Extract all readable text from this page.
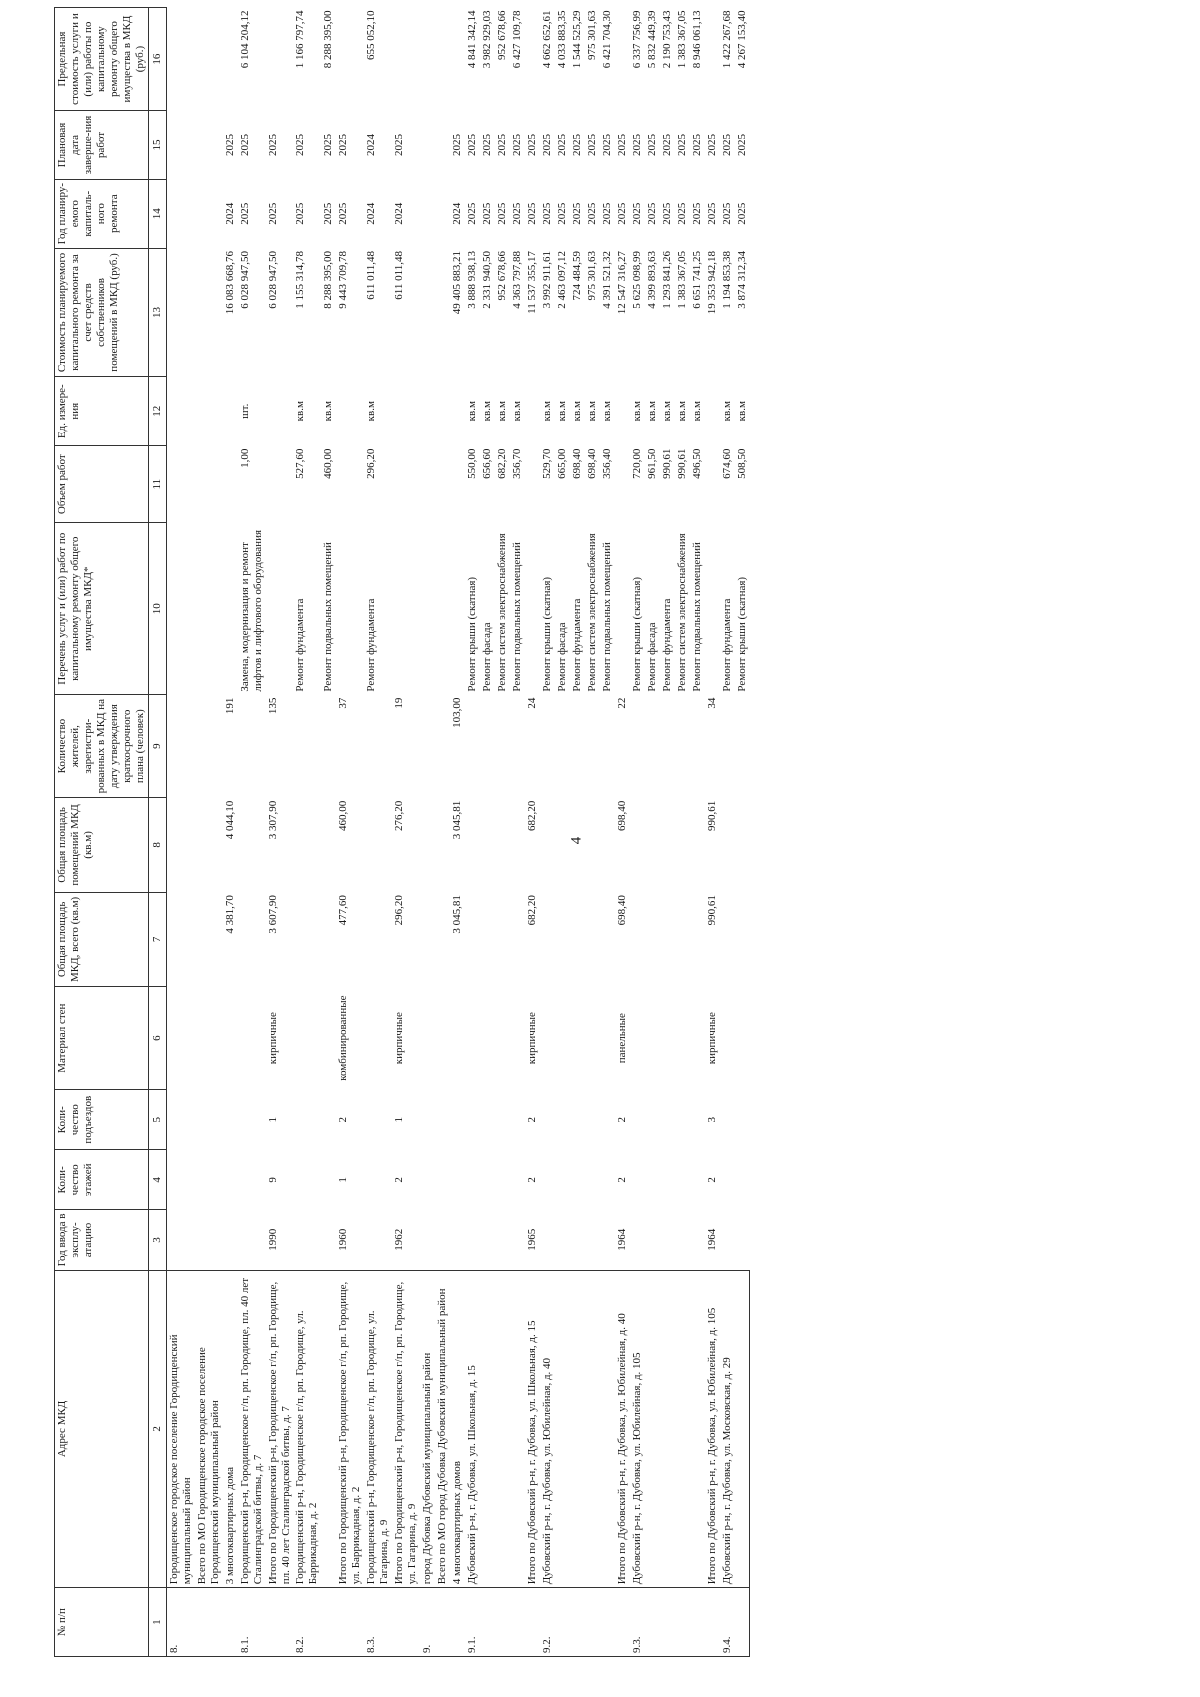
4
№ п/п	Адрес МКД	Год ввода в эксплу-атацию	Коли-чество этажей	Коли-чество подъездов	Материал стен	Общая площадь МКД, всего (кв.м)	Общая площадь помещений МКД (кв.м)	Количество жителей, зарегистри-рованных в МКД на дату утверждения краткосрочного плана (человек)	Перечень услуг и (или) работ по капитальному ремонту общего имущества МКД*	Объем работ	Ед. измере-ния	Стоимость планируемого капитального ремонта за счет средств собственников помещений в МКД (руб.)	Год планиру-емого капиталь-ного ремонта	Плановая дата заверше-ния работ	Предельная стоимость услуги и (или) работы по капитальному ремонту общего имущества в МКД (руб.)
1	2	3	4	5	6	7	8	9	10	11	12	13	14	15	16
8.	Городищенское городское поселение Городищенский муниципальный район														
	Всего по МО Городищенское городское поселение Городищенский муниципальный район														
	3 многоквартирных дома					4 381,70	4 044,10	191				16 083 668,76	2024	2025	
8.1.	Городищенский р-н, Городищенское г/п, рп. Городище, пл. 40 лет Сталинградской битвы, д. 7								Замена, модернизация и ремонт лифтов и лифтового оборудования	1,00	шт.	6 028 947,50	2025	2025	6 104 204,12
	Итого по Городищенский р-н, Городищенское г/п, рп. Городище, пл. 40 лет Сталинградской битвы, д. 7	1990	9	1	кирпичные	3 607,90	3 307,90	135				6 028 947,50	2025	2025	
8.2.	Городищенский р-н, Городищенское г/п, рп. Городище, ул. Баррикадная, д. 2								Ремонт фундамента	527,60	кв.м	1 155 314,78	2025	2025	1 166 797,74
									Ремонт подвальных помещений	460,00	кв.м	8 288 395,00	2025	2025	8 288 395,00
	Итого по Городищенский р-н, Городищенское г/п, рп. Городище, ул. Баррикадная, д. 2	1960	1	2	комбинированные	477,60	460,00	37				9 443 709,78	2025	2025	
8.3.	Городищенский р-н, Городищенское г/п, рп. Городище, ул. Гагарина, д. 9								Ремонт фундамента	296,20	кв.м	611 011,48	2024	2024	655 052,10
	Итого по Городищенский р-н, Городищенское г/п, рп. Городище, ул. Гагарина, д. 9	1962	2	1	кирпичные	296,20	276,20	19				611 011,48	2024	2025	
9.	город Дубовка Дубовский муниципальный район														
	Всего по МО город Дубовка Дубовский муниципальный район														
	4 многоквартирных домов					3 045,81	3 045,81	103,00				49 405 883,21	2024	2025	
9.1.	Дубовский р-н, г. Дубовка, ул. Школьная, д. 15								Ремонт крыши (скатная)	550,00	кв.м	3 888 938,13	2025	2025	4 841 342,14
									Ремонт фасада	656,60	кв.м	2 331 940,50	2025	2025	3 982 929,03
									Ремонт систем электроснабжения	682,20	кв.м	952 678,66	2025	2025	952 678,66
									Ремонт подвальных помещений	356,70	кв.м	4 363 797,88	2025	2025	6 427 109,78
	Итого по Дубовский р-н, г. Дубовка, ул. Школьная, д. 15	1965	2	2	кирпичные	682,20	682,20	24				11 537 355,17	2025	2025	
9.2.	Дубовский р-н, г. Дубовка, ул. Юбилейная, д. 40								Ремонт крыши (скатная)	529,70	кв.м	3 992 911,61	2025	2025	4 662 652,61
									Ремонт фасада	665,00	кв.м	2 463 097,12	2025	2025	4 033 883,35
									Ремонт фундамента	698,40	кв.м	724 484,59	2025	2025	1 544 525,29
									Ремонт систем электроснабжения	698,40	кв.м	975 301,63	2025	2025	975 301,63
									Ремонт подвальных помещений	356,40	кв.м	4 391 521,32	2025	2025	6 421 704,30
	Итого по Дубовский р-н, г. Дубовка, ул. Юбилейная, д. 40	1964	2	2	панельные	698,40	698,40	22				12 547 316,27	2025	2025	
9.3.	Дубовский р-н, г. Дубовка, ул. Юбилейная, д. 105								Ремонт крыши (скатная)	720,00	кв.м	5 625 098,99	2025	2025	6 337 756,99
									Ремонт фасада	961,50	кв.м	4 399 893,63	2025	2025	5 832 449,39
									Ремонт фундамента	990,61	кв.м	1 293 841,26	2025	2025	2 190 753,43
									Ремонт систем электроснабжения	990,61	кв.м	1 383 367,05	2025	2025	1 383 367,05
									Ремонт подвальных помещений	496,50	кв.м	6 651 741,25	2025	2025	8 946 061,13
	Итого по Дубовский р-н, г. Дубовка, ул. Юбилейная, д. 105	1964	2	3	кирпичные	990,61	990,61	34				19 353 942,18	2025	2025	
9.4.	Дубовский р-н, г. Дубовка, ул. Московская, д. 29								Ремонт фундамента	674,60	кв.м	1 194 853,38	2025	2025	1 422 267,68
									Ремонт крыши (скатная)	508,50	кв.м	3 874 312,34	2025	2025	4 267 153,40
